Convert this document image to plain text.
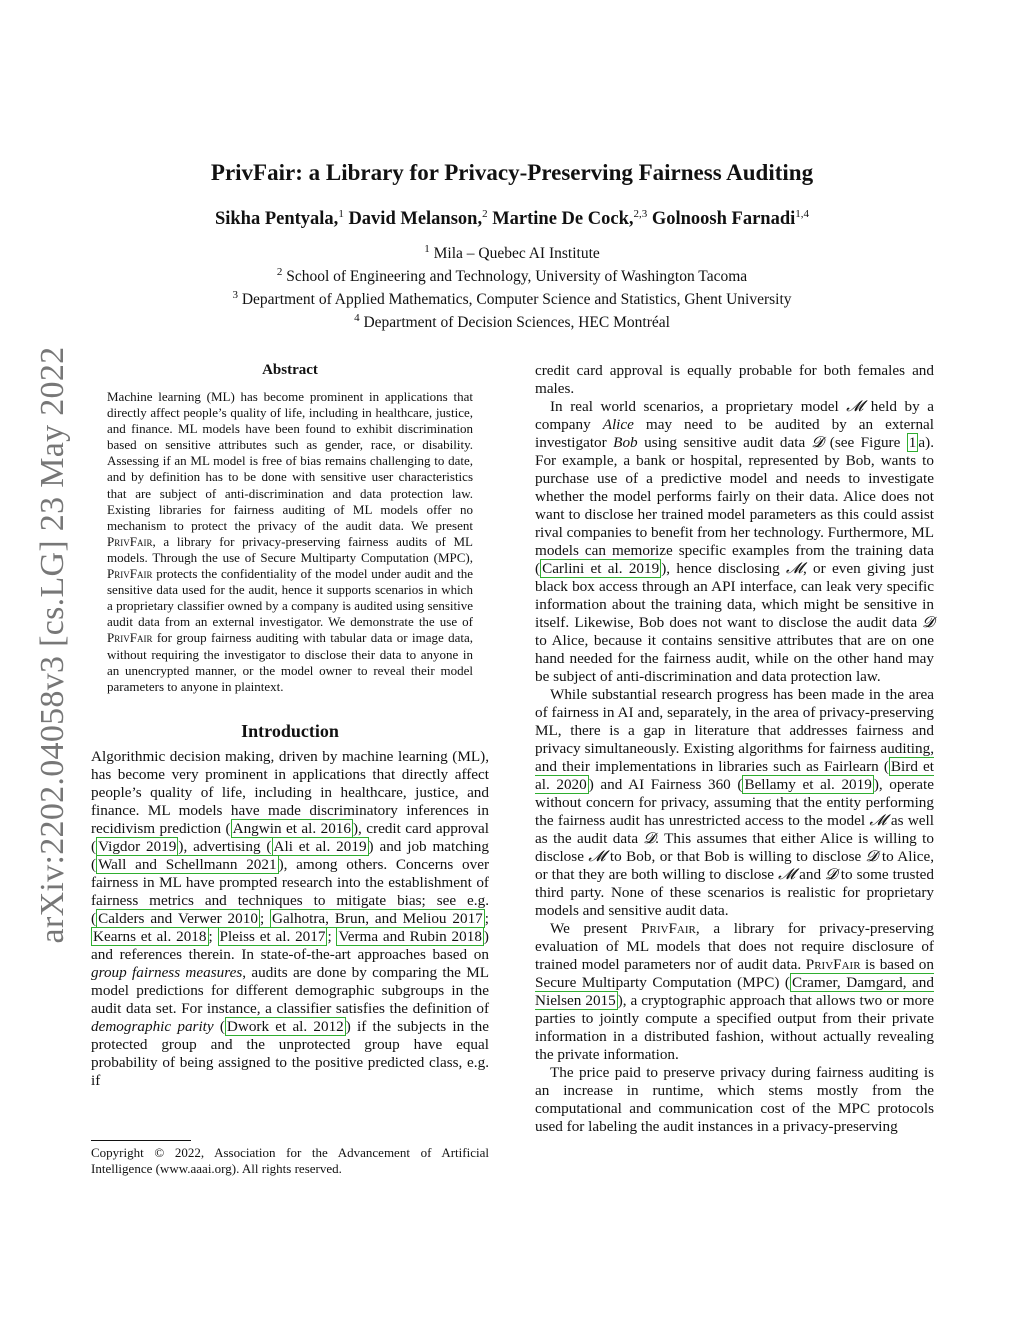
arXiv:2202.04058v3 [cs.LG] 23 May 2022
PrivFair: a Library for Privacy-Preserving Fairness Auditing
Sikha Pentyala,$^1$ David Melanson,$^2$ Martine De Cock,$^{2,3}$ Golnoosh Farnadi$^{1,4}$
$^1$ Mila – Quebec AI Institute
$^2$ School of Engineering and Technology, University of Washington Tacoma
$^3$ Department of Applied Mathematics, Computer Science and Statistics, Ghent University
$^4$ Department of Decision Sciences, HEC Montréal
Abstract

Machine learning (ML) has become prominent in applications that directly affect people’s quality of life, including in healthcare, justice, and finance. ML models have been found to exhibit discrimination based on sensitive attributes such as gender, race, or disability. Assessing if an ML model is free of bias remains challenging to date, and by definition has to be done with sensitive user characteristics that are subject of anti-discrimination and data protection law. Existing libraries for fairness auditing of ML models offer no mechanism to protect the privacy of the audit data. We present PrivFair, a library for privacy-preserving fairness audits of ML models. Through the use of Secure Multiparty Computation (MPC), PrivFair protects the confidentiality of the model under audit and the sensitive data used for the audit, hence it supports scenarios in which a proprietary classifier owned by a company is audited using sensitive audit data from an external investigator. We demonstrate the use of PrivFair for group fairness auditing with tabular data or image data, without requiring the investigator to disclose their data to anyone in an unencrypted manner, or the model owner to reveal their model parameters to anyone in plaintext.

Introduction

Algorithmic decision making, driven by machine learning (ML), has become very prominent in applications that directly affect people’s quality of life, including in healthcare, justice, and finance. ML models have made discriminatory inferences in recidivism prediction ( Angwin et al. 2016 ), credit card approval ( Vigdor 2019 ), advertising ( Ali et al. 2019 ) and job matching ( Wall and Schellmann 2021 ), among others. Concerns over fairness in ML have prompted research into the establishment of fairness metrics and techniques to mitigate bias; see e.g. ( Calders and Verwer 2010 ; Galhotra, Brun, and Meliou 2017 ; Kearns et al. 2018 ; Pleiss et al. 2017 ; Verma and Rubin 2018 ) and references therein. In state-of-the-art approaches based on group fairness measures, audits are done by comparing the ML model predictions for different demographic subgroups in the audit data set. For instance, a classifier satisfies the definition of demographic parity ( Dwork et al. 2012 ) if the subjects in the protected group and the unprotected group have equal probability of being assigned to the positive predicted class, e.g. if

Copyright © 2022, Association for the Advancement of Artificial Intelligence (www.aaai.org). All rights reserved.

credit card approval is equally probable for both females and males.

In real world scenarios, a proprietary model 𝓜 held by a company Alice may need to be audited by an external investigator Bob using sensitive audit data 𝓓 (see Figure 1 a). For example, a bank or hospital, represented by Bob, wants to purchase use of a predictive model and needs to investigate whether the model performs fairly on their data. Alice does not want to disclose her trained model parameters as this could assist rival companies to benefit from her technology. Furthermore, ML models can memorize specific examples from the training data ( Carlini et al. 2019 ), hence disclosing 𝓜, or even giving just black box access through an API interface, can leak very specific information about the training data, which might be sensitive in itself. Likewise, Bob does not want to disclose the audit data 𝓓 to Alice, because it contains sensitive attributes that are on one hand needed for the fairness audit, while on the other hand may be subject of anti-discrimination and data protection law.

While substantial research progress has been made in the area of fairness in AI and, separately, in the area of privacy-preserving ML, there is a gap in literature that addresses fairness and privacy simultaneously. Existing algorithms for fairness auditing, and their implementations in libraries such as Fairlearn ( Bird et al. 2020 ) and AI Fairness 360 ( Bellamy et al. 2019 ), operate without concern for privacy, assuming that the entity performing the fairness audit has unrestricted access to the model 𝓜 as well as the audit data 𝓓. This assumes that either Alice is willing to disclose 𝓜 to Bob, or that Bob is willing to disclose 𝓓 to Alice, or that they are both willing to disclose 𝓜 and 𝓓 to some trusted third party. None of these scenarios is realistic for proprietary models and sensitive audit data.

We present PrivFair, a library for privacy-preserving evaluation of ML models that does not require disclosure of trained model parameters nor of audit data. PrivFair is based on Secure Multiparty Computation (MPC) ( Cramer, Damgard, and Nielsen 2015 ), a cryptographic approach that allows two or more parties to jointly compute a specified output from their private information in a distributed fashion, without actually revealing the private information.

The price paid to preserve privacy during fairness auditing is an increase in runtime, which stems mostly from the computational and communication cost of the MPC protocols used for labeling the audit instances in a privacy-preserving
